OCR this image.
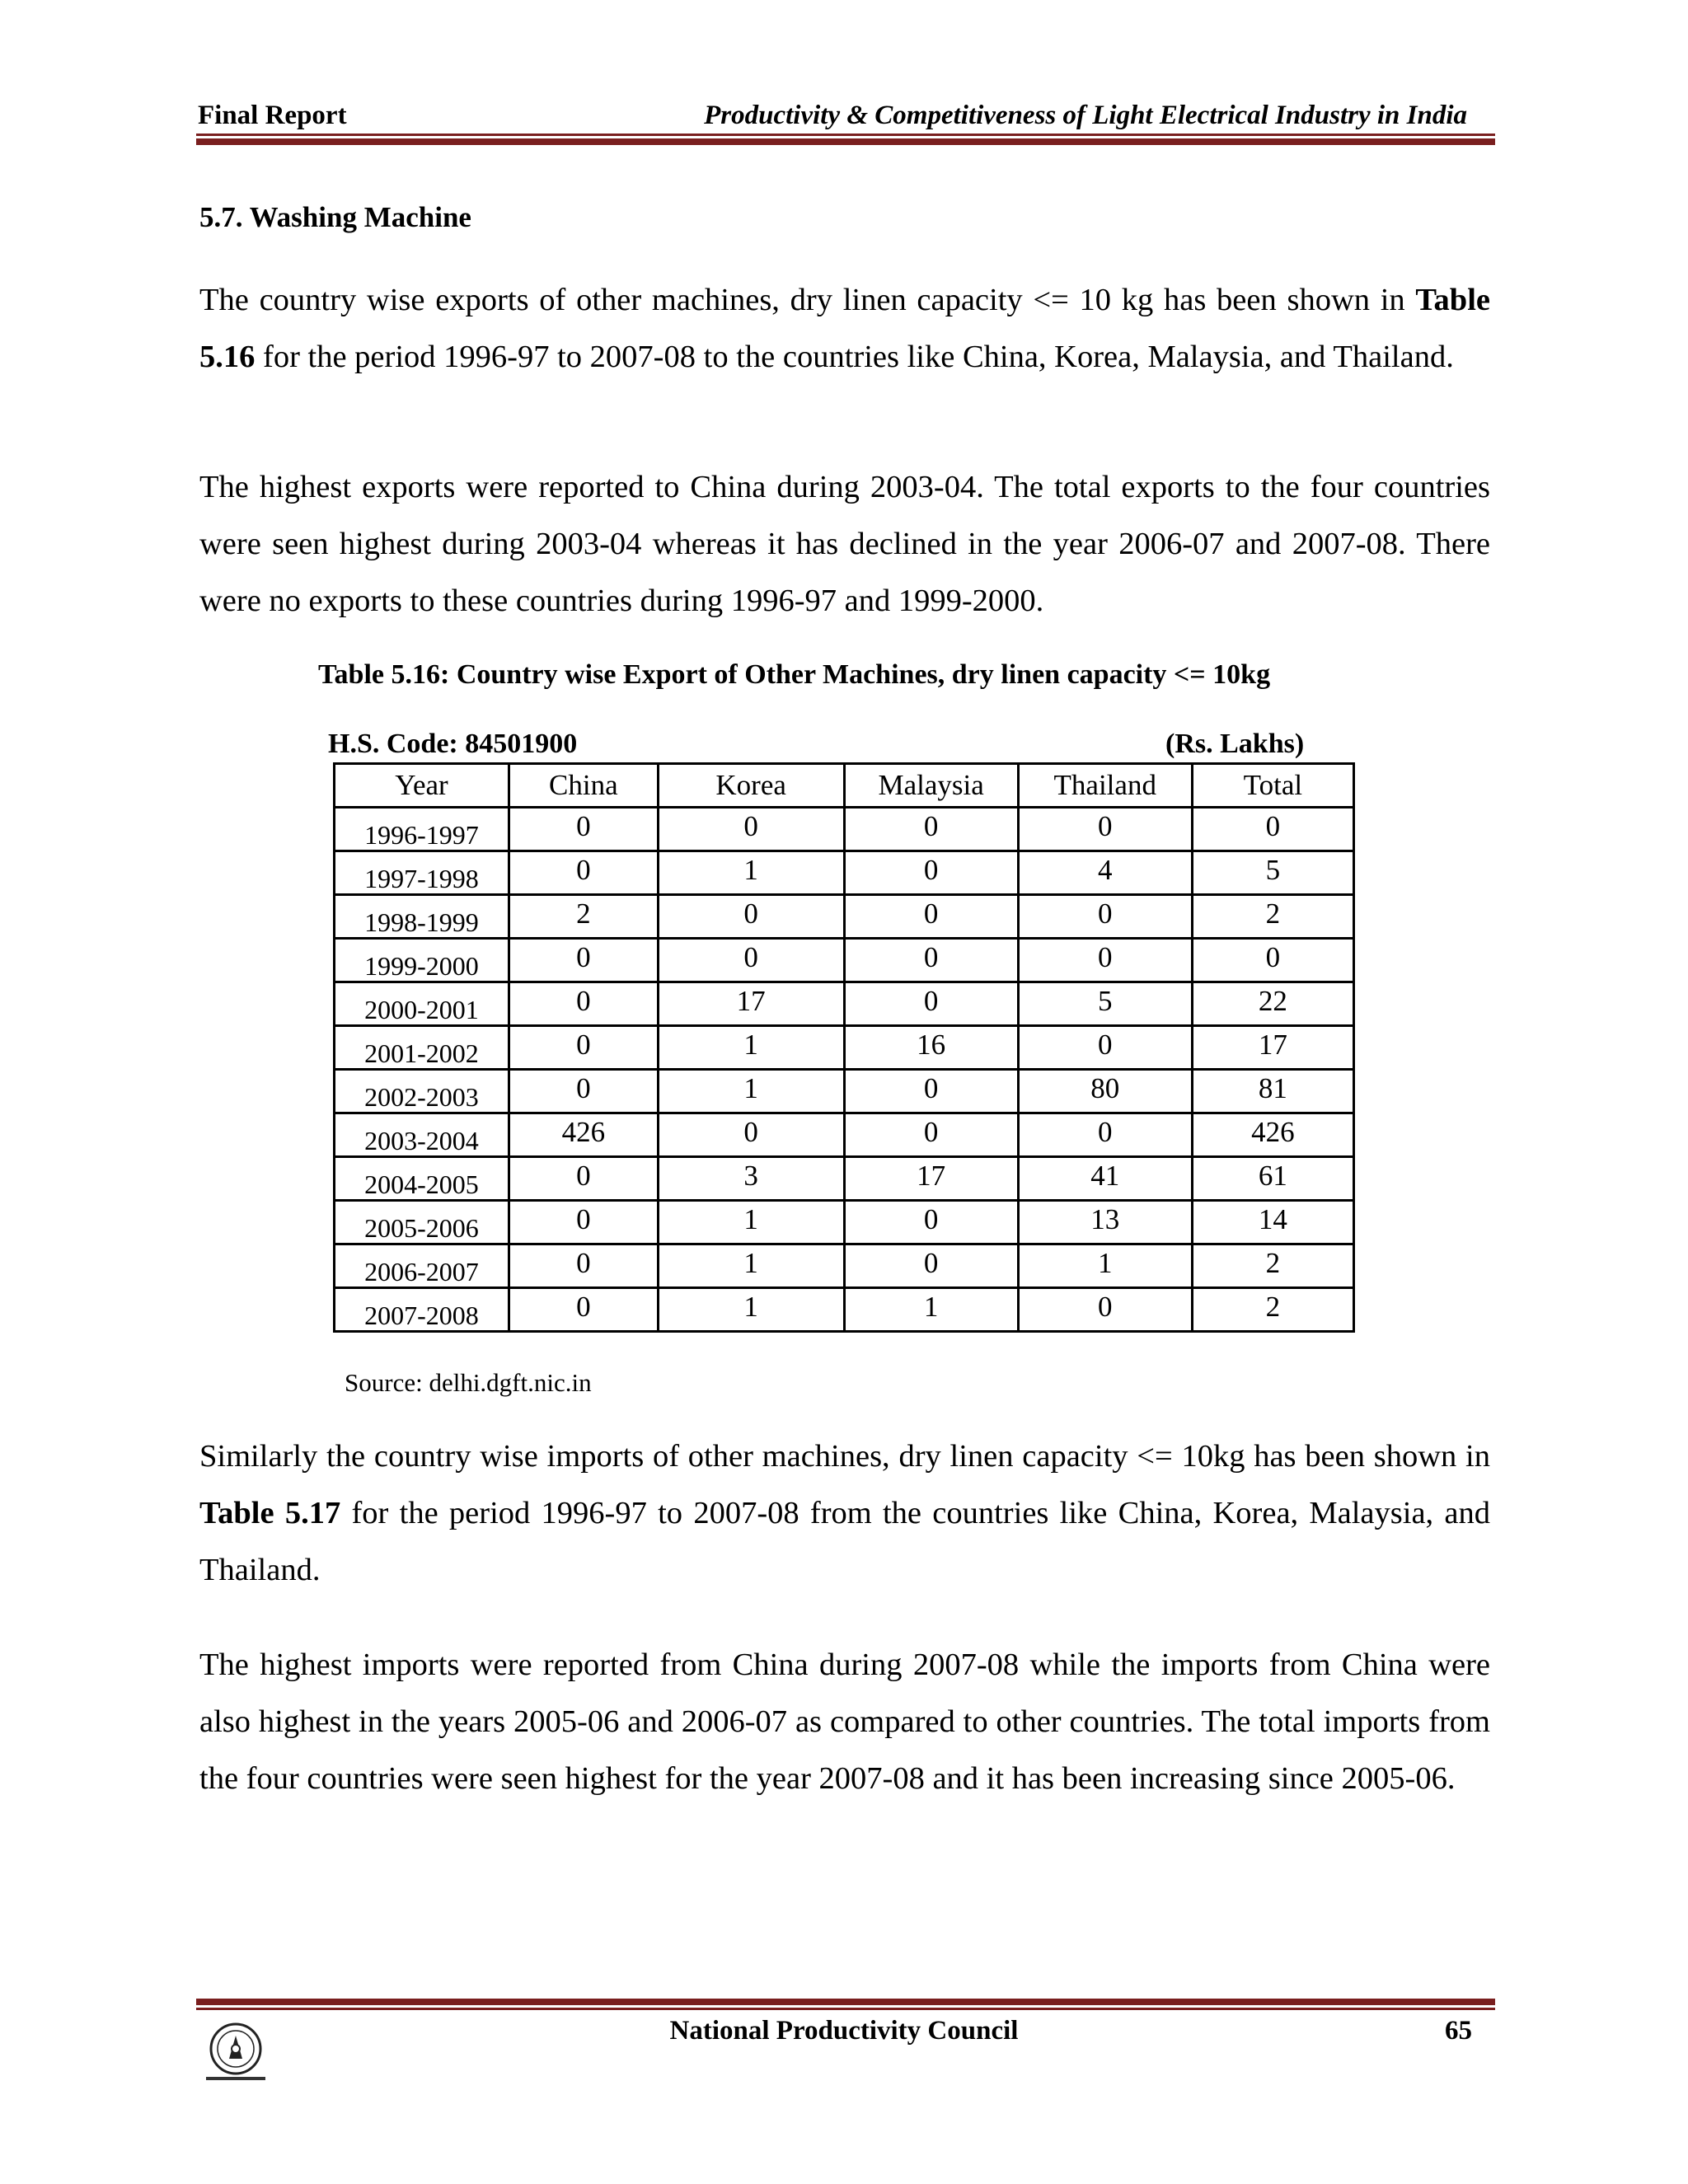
Final Report	Productivity & Competitiveness of Light Electrical Industry in India
5.7. Washing Machine

The country wise exports of other machines, dry linen capacity <= 10 kg has been shown in Table 5.16 for the period 1996-97 to 2007-08 to the countries like China, Korea, Malaysia, and Thailand.

The highest exports were reported to China during 2003-04. The total exports to the four countries were seen highest during 2003-04 whereas it has declined in the year 2006-07 and 2007-08. There were no exports to these countries during 1996-97 and 1999-2000.

Table 5.16: Country wise Export of Other Machines, dry linen capacity <= 10kg
H.S. Code: 84501900	(Rs. Lakhs)
Year	China	Korea	Malaysia	Thailand	Total
1996-1997	0	0	0	0	0
1997-1998	0	1	0	4	5
1998-1999	2	0	0	0	2
1999-2000	0	0	0	0	0
2000-2001	0	17	0	5	22
2001-2002	0	1	16	0	17
2002-2003	0	1	0	80	81
2003-2004	426	0	0	0	426
2004-2005	0	3	17	41	61
2005-2006	0	1	0	13	14
2006-2007	0	1	0	1	2
2007-2008	0	1	1	0	2
Source: delhi.dgft.nic.in

Similarly the country wise imports of other machines, dry linen capacity <= 10kg has been shown in Table 5.17 for the period 1996-97 to 2007-08 from the countries like China, Korea, Malaysia, and Thailand.

The highest imports were reported from China during 2007-08 while the imports from China were also highest in the years 2005-06 and 2006-07 as compared to other countries. The total imports from the four countries were seen highest for the year 2007-08 and it has been increasing since 2005-06.

National Productivity Council	65
